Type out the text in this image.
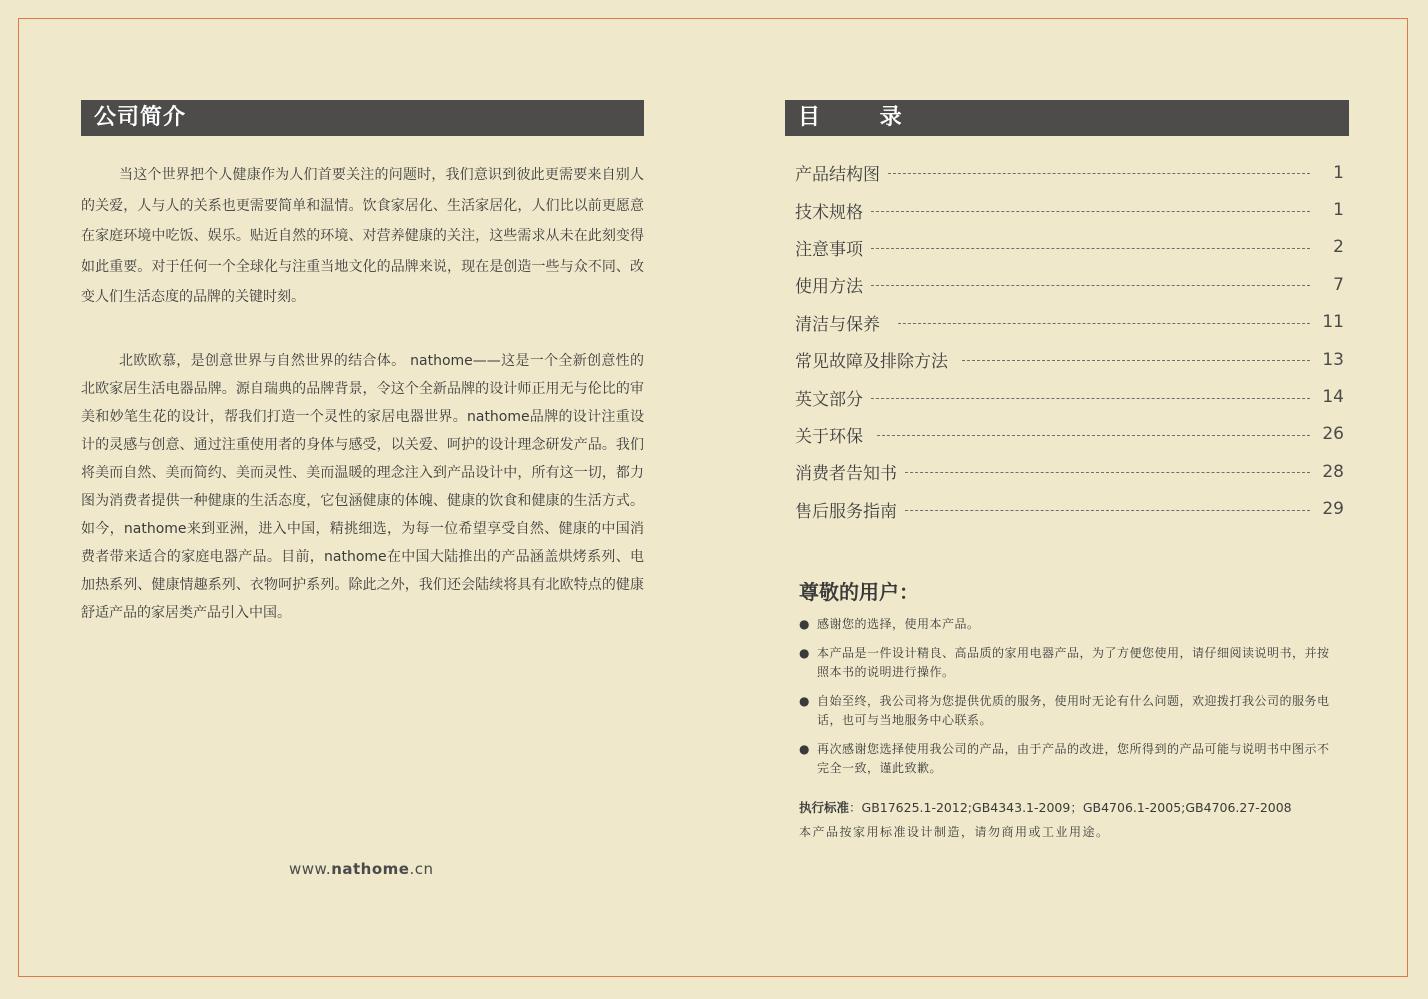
公司简介

当这个世界把个人健康作为人们首要关注的问题时，我们意识到彼此更需要来自别人的关爱，人与人的关系也更需要简单和温情。饮食家居化、生活家居化，人们比以前更愿意在家庭环境中吃饭、娱乐。贴近自然的环境、对营养健康的关注，这些需求从未在此刻变得如此重要。对于任何一个全球化与注重当地文化的品牌来说，现在是创造一些与众不同、改变人们生活态度的品牌的关键时刻。

北欧欧慕，是创意世界与自然世界的结合体。 nathome——这是一个全新创意性的北欧家居生活电器品牌。源自瑞典的品牌背景，令这个全新品牌的设计师正用无与伦比的审美和妙笔生花的设计，帮我们打造一个灵性的家居电器世界。nathome品牌的设计注重设计的灵感与创意、通过注重使用者的身体与感受，以关爱、呵护的设计理念研发产品。我们将美而自然、美而简约、美而灵性、美而温暖的理念注入到产品设计中，所有这一切，都力图为消费者提供一种健康的生活态度，它包涵健康的体魄、健康的饮食和健康的生活方式。如今，nathome来到亚洲，进入中国，精挑细选，为每一位希望享受自然、健康的中国消费者带来适合的家庭电器产品。目前，nathome在中国大陆推出的产品涵盖烘烤系列、电加热系列、健康情趣系列、衣物呵护系列。除此之外，我们还会陆续将具有北欧特点的健康舒适产品的家居类产品引入中国。

www.nathome.cn
目 录
产品结构图	1
技术规格	1
注意事项	2
使用方法	7
清洁与保养	11
常见故障及排除方法	13
英文部分	14
关于环保	26
消费者告知书	28
售后服务指南	29
尊敬的用户：
● 感谢您的选择，使用本产品。
● 本产品是一件设计精良、高品质的家用电器产品，为了方便您使用，请仔细阅读说明书，并按照本书的说明进行操作。
● 自始至终，我公司将为您提供优质的服务，使用时无论有什么问题，欢迎拨打我公司的服务电话，也可与当地服务中心联系。
● 再次感谢您选择使用我公司的产品，由于产品的改进，您所得到的产品可能与说明书中图示不完全一致，谨此致歉。
执行标准：GB17625.1-2012;GB4343.1-2009；GB4706.1-2005;GB4706.27-2008
本产品按家用标准设计制造，请勿商用或工业用途。
